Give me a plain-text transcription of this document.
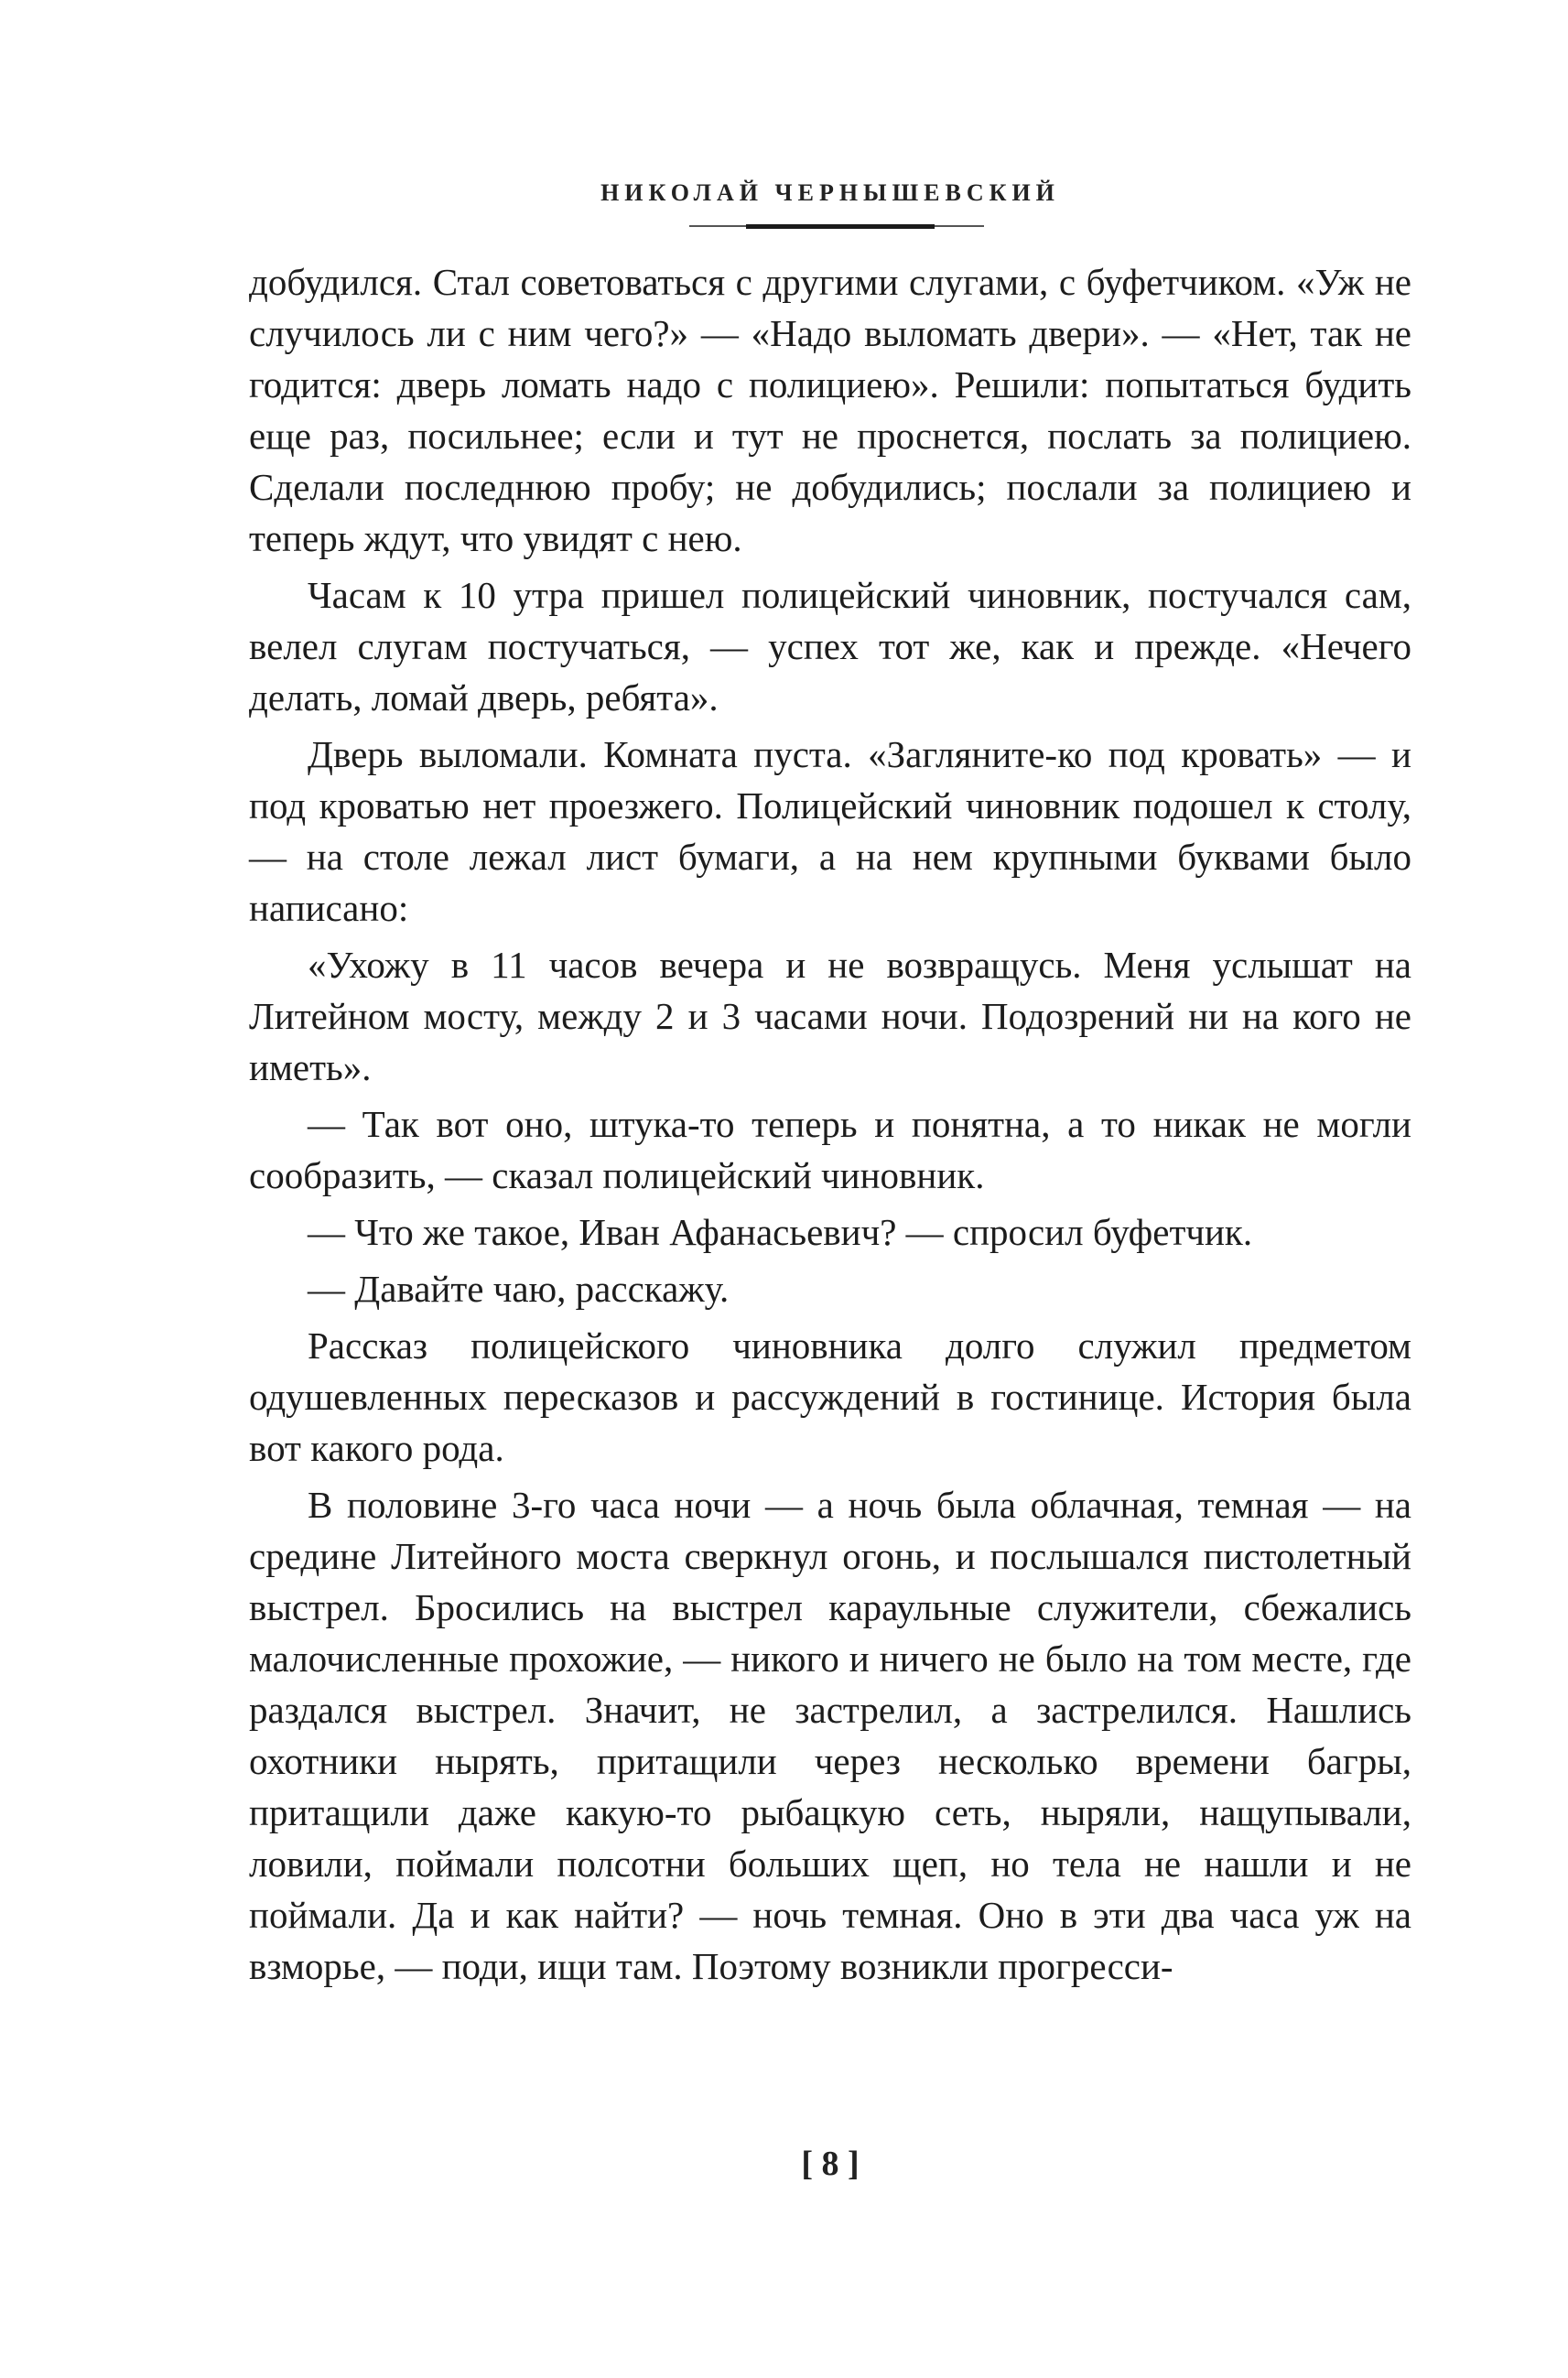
НИКОЛАЙ ЧЕРНЫШЕВСКИЙ

добудился. Стал советоваться с другими слугами, с буфетчиком. «Уж не случилось ли с ним чего?» — «Надо выломать двери». — «Нет, так не годится: дверь ломать надо с полициею». Решили: попытаться будить еще раз, посильнее; если и тут не проснется, послать за полициею. Сделали последнюю пробу; не добудились; послали за полициею и теперь ждут, что увидят с нею.

Часам к 10 утра пришел полицейский чиновник, постучался сам, велел слугам постучаться, — успех тот же, как и прежде. «Нечего делать, ломай дверь, ребята».

Дверь выломали. Комната пуста. «Загляните-ко под кровать» — и под кроватью нет проезжего. Полицейский чиновник подошел к столу, — на столе лежал лист бумаги, а на нем крупными буквами было написано:

«Ухожу в 11 часов вечера и не возвращусь. Меня услышат на Литейном мосту, между 2 и 3 часами ночи. Подозрений ни на кого не иметь».

— Так вот оно, штука-то теперь и понятна, а то никак не могли сообразить, — сказал полицейский чиновник.

— Что же такое, Иван Афанасьевич? — спросил буфетчик.

— Давайте чаю, расскажу.

Рассказ полицейского чиновника долго служил предметом одушевленных пересказов и рассуждений в гостинице. История была вот какого рода.

В половине 3-го часа ночи — а ночь была облачная, темная — на средине Литейного моста сверкнул огонь, и послышался пистолетный выстрел. Бросились на выстрел караульные служители, сбежались малочисленные прохожие, — никого и ничего не было на том месте, где раздался выстрел. Значит, не застрелил, а застрелился. Нашлись охотники нырять, притащили через несколько времени багры, притащили даже какую-то рыбацкую сеть, ныряли, нащупывали, ловили, поймали полсотни больших щеп, но тела не нашли и не поймали. Да и как найти? — ночь темная. Оно в эти два часа уж на взморье, — поди, ищи там. Поэтому возникли прогресси-

[ 8 ]
